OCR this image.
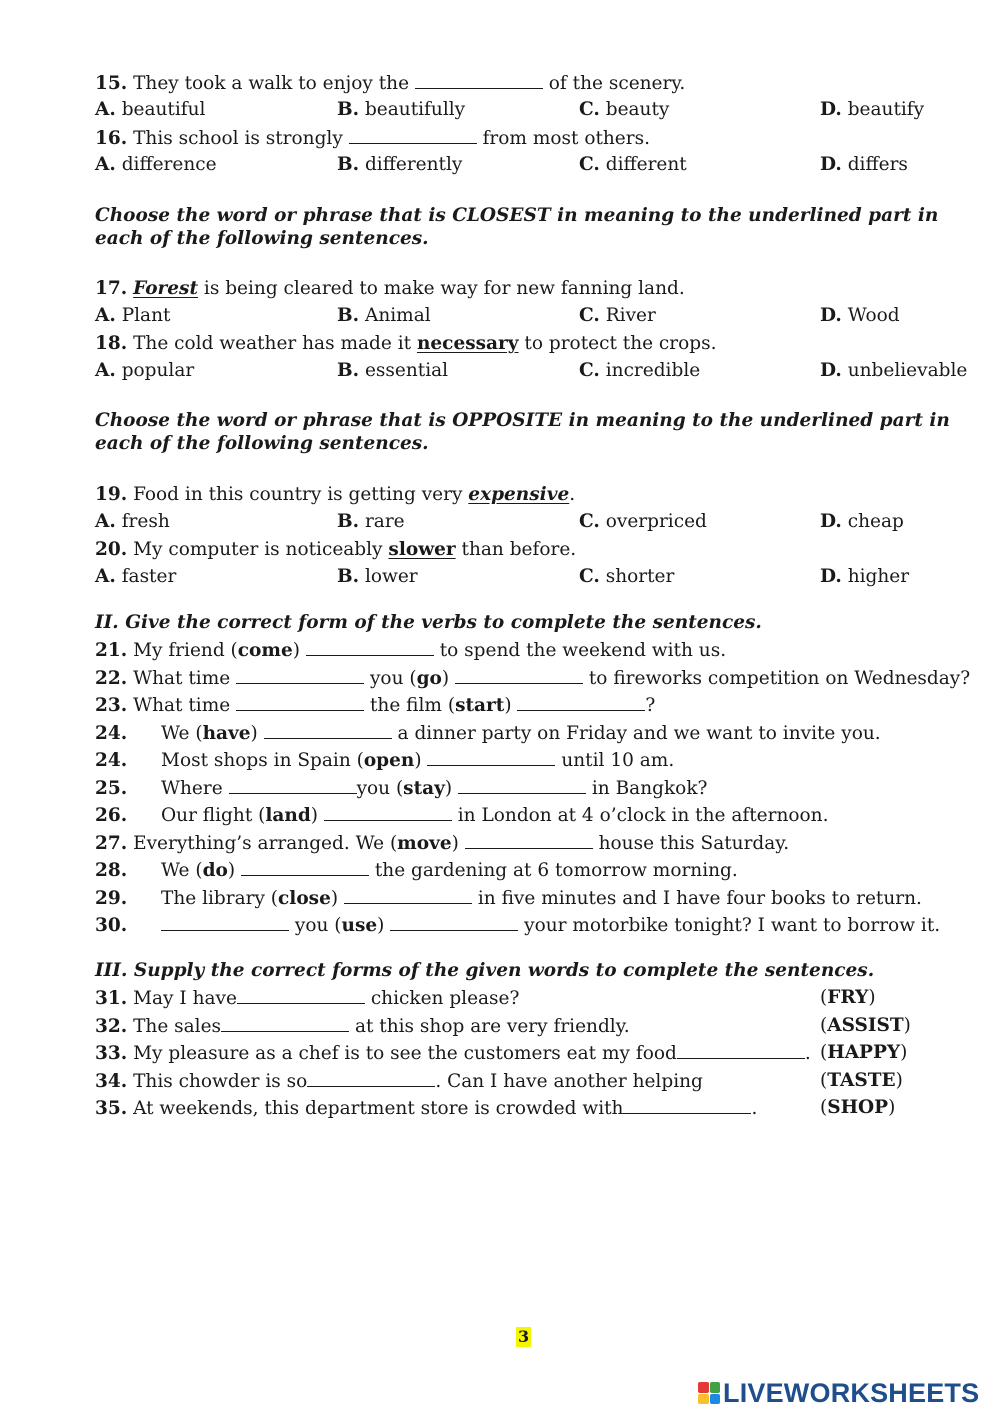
15. They took a walk to enjoy the	of the scenery.
A. beautiful	B. beautifully	C. beauty	D. beautify
16. This school is strongly	from most others.
A. difference	B. differently	C. different	D. differs
Choose the word or phrase that is CLOSEST in meaning to the underlined part in each of the following sentences.
17. Forest is being cleared to make way for new fanning land.
A. Plant	B. Animal	C. River	D. Wood
18. The cold weather has made it necessary to protect the crops.
A. popular	B. essential	C. incredible	D. unbelievable
Choose the word or phrase that is OPPOSITE in meaning to the underlined part in each of the following sentences.
19. Food in this country is getting very expensive.
A. fresh	B. rare	C. overpriced	D. cheap
20. My computer is noticeably slower than before.
A. faster	B. lower	C. shorter	D. higher
II. Give the correct form of the verbs to complete the sentences.
21. My friend (come)	to spend the weekend with us.
22. What time	you (go)	to fireworks competition on Wednesday?
23. What time	the film (start)	?
24. We (have)	a dinner party on Friday and we want to invite you.
24. Most shops in Spain (open)	until 10 am.
25. Where	you (stay)	in Bangkok?
26. Our flight (land)	in London at 4 o’clock in the afternoon.
27. Everything’s arranged. We (move)	house this Saturday.
28. We (do)	the gardening at 6 tomorrow morning.
29. The library (close)	in five minutes and I have four books to return.
30.	you (use)	your motorbike tonight? I want to borrow it.
III. Supply the correct forms of the given words to complete the sentences.
31. May I have	chicken please?	(FRY)
32. The sales	at this shop are very friendly.	(ASSIST)
33. My pleasure as a chef is to see the customers eat my food	. (HAPPY)
34. This chowder is so	. Can I have another helping	(TASTE)
35. At weekends, this department store is crowded with	.	(SHOP)
3
LIVEWORKSHEETS
